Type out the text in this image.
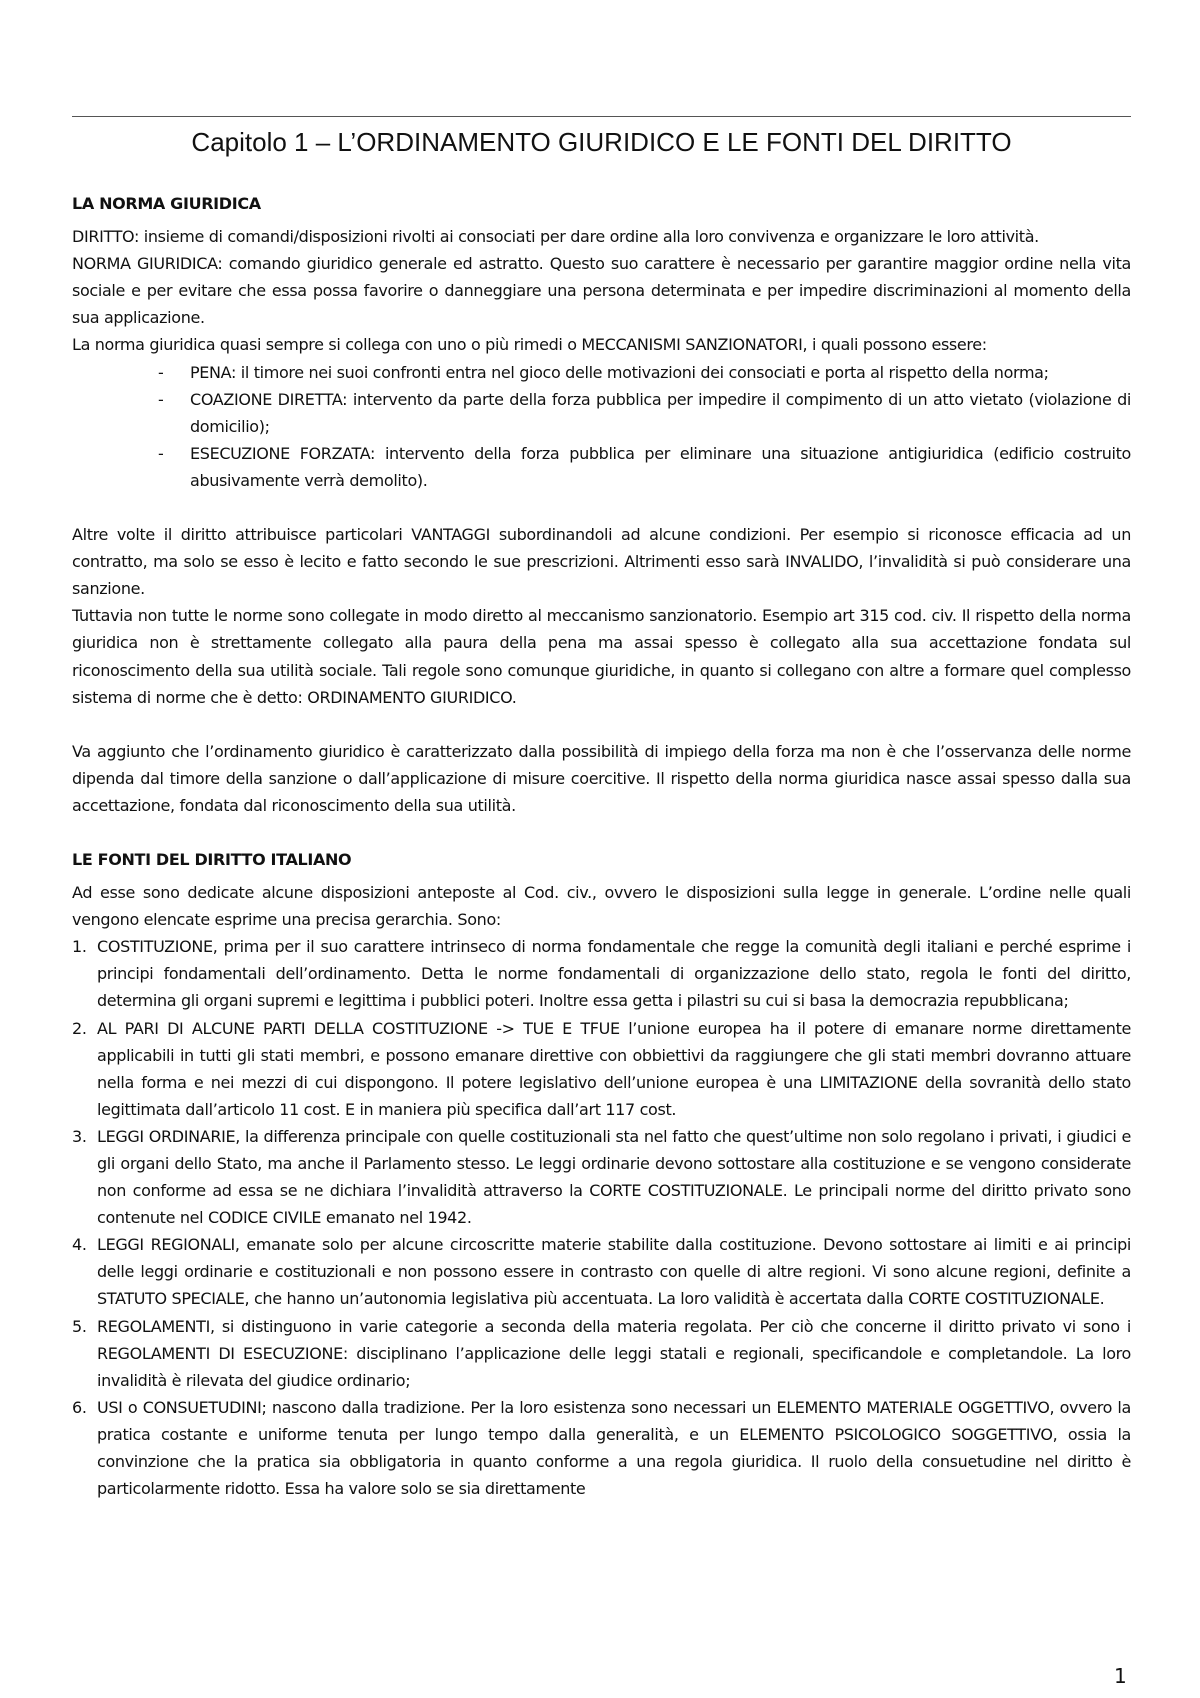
Capitolo 1 – L’ORDINAMENTO GIURIDICO E LE FONTI DEL DIRITTO
LA NORMA GIURIDICA

DIRITTO: insieme di comandi/disposizioni rivolti ai consociati per dare ordine alla loro convivenza e organizzare le loro attività.

NORMA GIURIDICA: comando giuridico generale ed astratto. Questo suo carattere è necessario per garantire maggior ordine nella vita sociale e per evitare che essa possa favorire o danneggiare una persona determinata e per impedire discriminazioni al momento della sua applicazione.

La norma giuridica quasi sempre si collega con uno o più rimedi o MECCANISMI SANZIONATORI, i quali possono essere:

- PENA: il timore nei suoi confronti entra nel gioco delle motivazioni dei consociati e porta al rispetto della norma;
- COAZIONE DIRETTA: intervento da parte della forza pubblica per impedire il compimento di un atto vietato (violazione di domicilio);
- ESECUZIONE FORZATA: intervento della forza pubblica per eliminare una situazione antigiuridica (edificio costruito abusivamente verrà demolito).

Altre volte il diritto attribuisce particolari VANTAGGI subordinandoli ad alcune condizioni. Per esempio si riconosce efficacia ad un contratto, ma solo se esso è lecito e fatto secondo le sue prescrizioni. Altrimenti esso sarà INVALIDO, l’invalidità si può considerare una sanzione.

Tuttavia non tutte le norme sono collegate in modo diretto al meccanismo sanzionatorio. Esempio art 315 cod. civ. Il rispetto della norma giuridica non è strettamente collegato alla paura della pena ma assai spesso è collegato alla sua accettazione fondata sul riconoscimento della sua utilità sociale. Tali regole sono comunque giuridiche, in quanto si collegano con altre a formare quel complesso sistema di norme che è detto: ORDINAMENTO GIURIDICO.

Va aggiunto che l’ordinamento giuridico è caratterizzato dalla possibilità di impiego della forza ma non è che l’osservanza delle norme dipenda dal timore della sanzione o dall’applicazione di misure coercitive. Il rispetto della norma giuridica nasce assai spesso dalla sua accettazione, fondata dal riconoscimento della sua utilità.

LE FONTI DEL DIRITTO ITALIANO

Ad esse sono dedicate alcune disposizioni anteposte al Cod. civ., ovvero le disposizioni sulla legge in generale. L’ordine nelle quali vengono elencate esprime una precisa gerarchia. Sono:

1. COSTITUZIONE, prima per il suo carattere intrinseco di norma fondamentale che regge la comunità degli italiani e perché esprime i principi fondamentali dell’ordinamento. Detta le norme fondamentali di organizzazione dello stato, regola le fonti del diritto, determina gli organi supremi e legittima i pubblici poteri. Inoltre essa getta i pilastri su cui si basa la democrazia repubblicana;
2. AL PARI DI ALCUNE PARTI DELLA COSTITUZIONE -> TUE E TFUE l’unione europea ha il potere di emanare norme direttamente applicabili in tutti gli stati membri, e possono emanare direttive con obbiettivi da raggiungere che gli stati membri dovranno attuare nella forma e nei mezzi di cui dispongono. Il potere legislativo dell’unione europea è una LIMITAZIONE della sovranità dello stato legittimata dall’articolo 11 cost. E in maniera più specifica dall’art 117 cost.
3. LEGGI ORDINARIE, la differenza principale con quelle costituzionali sta nel fatto che quest’ultime non solo regolano i privati, i giudici e gli organi dello Stato, ma anche il Parlamento stesso. Le leggi ordinarie devono sottostare alla costituzione e se vengono considerate non conforme ad essa se ne dichiara l’invalidità attraverso la CORTE COSTITUZIONALE. Le principali norme del diritto privato sono contenute nel CODICE CIVILE emanato nel 1942.
4. LEGGI REGIONALI, emanate solo per alcune circoscritte materie stabilite dalla costituzione. Devono sottostare ai limiti e ai principi delle leggi ordinarie e costituzionali e non possono essere in contrasto con quelle di altre regioni. Vi sono alcune regioni, definite a STATUTO SPECIALE, che hanno un’autonomia legislativa più accentuata. La loro validità è accertata dalla CORTE COSTITUZIONALE.
5. REGOLAMENTI, si distinguono in varie categorie a seconda della materia regolata. Per ciò che concerne il diritto privato vi sono i REGOLAMENTI DI ESECUZIONE: disciplinano l’applicazione delle leggi statali e regionali, specificandole e completandole. La loro invalidità è rilevata del giudice ordinario;
6. USI o CONSUETUDINI; nascono dalla tradizione. Per la loro esistenza sono necessari un ELEMENTO MATERIALE OGGETTIVO, ovvero la pratica costante e uniforme tenuta per lungo tempo dalla generalità, e un ELEMENTO PSICOLOGICO SOGGETTIVO, ossia la convinzione che la pratica sia obbligatoria in quanto conforme a una regola giuridica. Il ruolo della consuetudine nel diritto è particolarmente ridotto. Essa ha valore solo se sia direttamente
1
